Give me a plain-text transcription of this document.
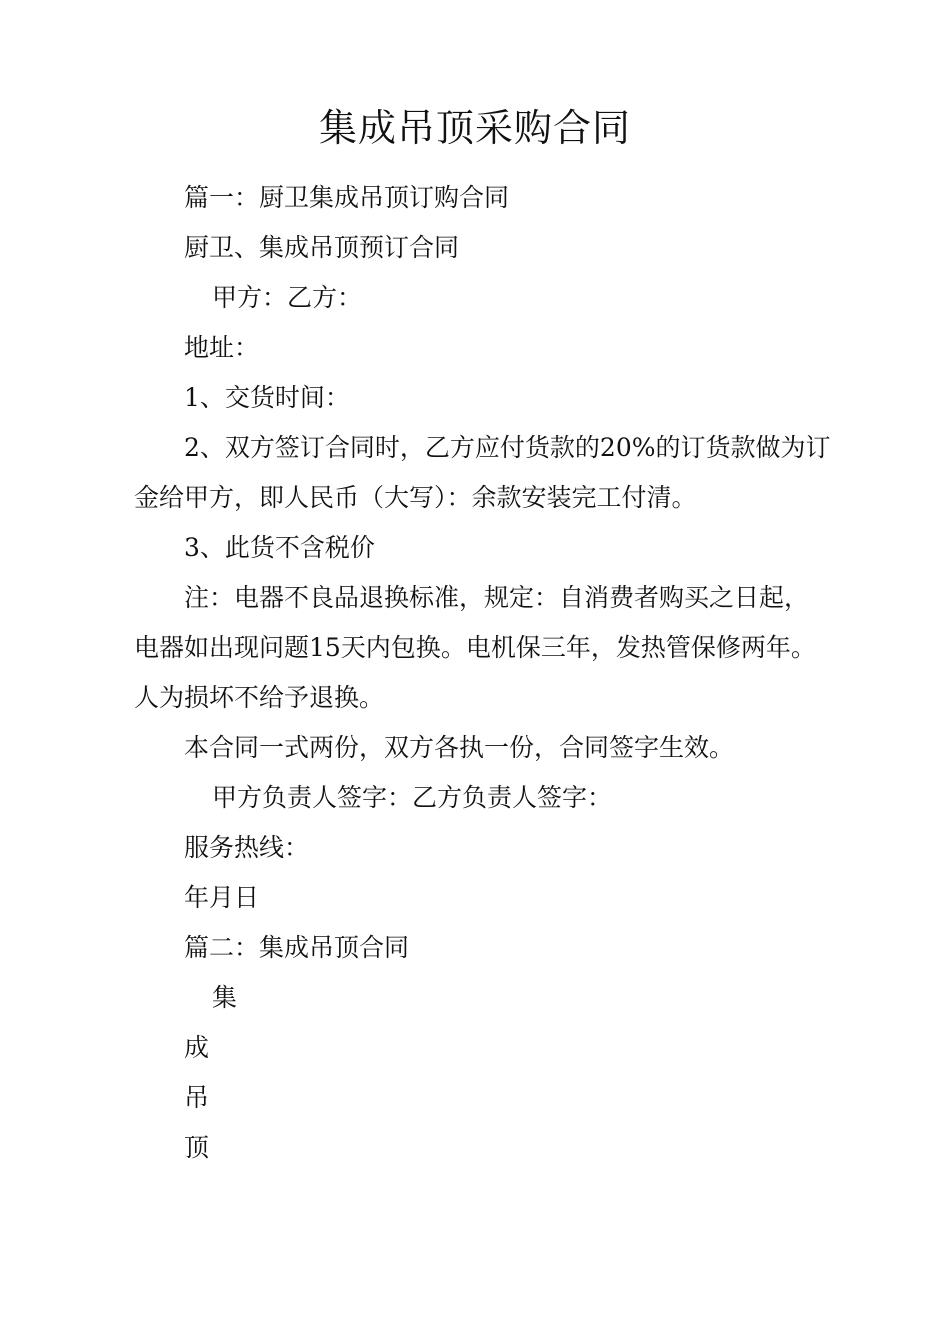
集成吊顶采购合同

篇一：厨卫集成吊顶订购合同

厨卫、集成吊顶预订合同

甲方：乙方：

地址：

1、交货时间：

2、双方签订合同时，乙方应付货款的20%的订货款做为订

金给甲方，即人民币（大写）：余款安装完工付清。

3、此货不含税价

注：电器不良品退换标准，规定：自消费者购买之日起，

电器如出现问题15天内包换。电机保三年，发热管保修两年。

人为损坏不给予退换。

本合同一式两份，双方各执一份，合同签字生效。

甲方负责人签字：乙方负责人签字：

服务热线：

年月日

篇二：集成吊顶合同

集

成

吊

顶
